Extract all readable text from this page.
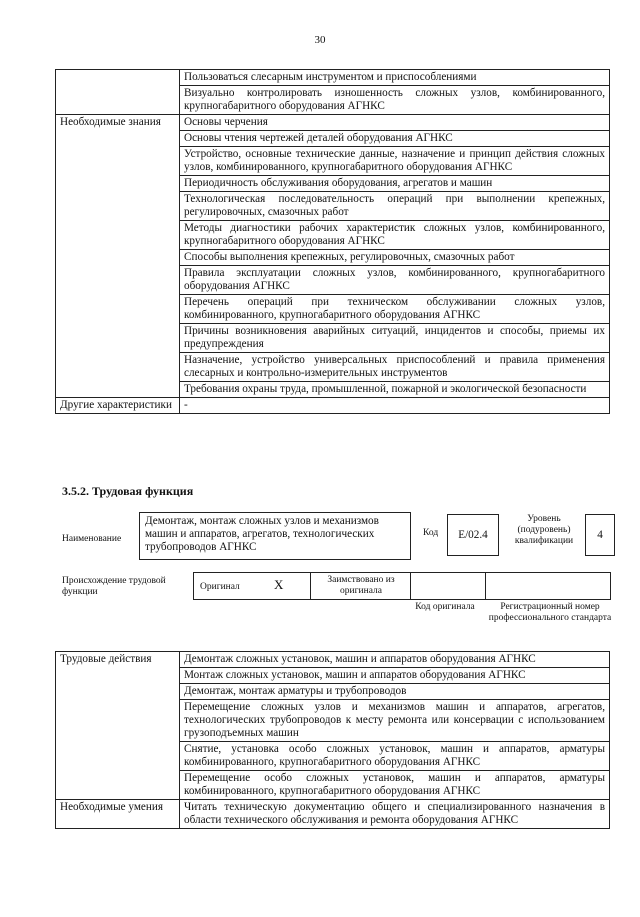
30
	Пользоваться слесарным инструментом и приспособлениями
	Визуально контролировать изношенность сложных узлов, комбинированного, крупногабаритного оборудования АГНКС
Необходимые знания	Основы черчения
	Основы чтения чертежей деталей оборудования АГНКС
	Устройство, основные технические данные, назначение и принцип действия сложных узлов, комбинированного, крупногабаритного оборудования АГНКС
	Периодичность обслуживания оборудования, агрегатов и машин
	Технологическая последовательность операций при выполнении крепежных, регулировочных, смазочных работ
	Методы диагностики рабочих характеристик сложных узлов, комбинированного, крупногабаритного оборудования АГНКС
	Способы выполнения крепежных, регулировочных, смазочных работ
	Правила эксплуатации сложных узлов, комбинированного, крупногабаритного оборудования АГНКС
	Перечень операций при техническом обслуживании сложных узлов, комбинированного, крупногабаритного оборудования АГНКС
	Причины возникновения аварийных ситуаций, инцидентов и способы, приемы их предупреждения
	Назначение, устройство универсальных приспособлений и правила применения слесарных и контрольно-измерительных инструментов
	Требования охраны труда, промышленной, пожарной и экологической безопасности
Другие характеристики	-
3.5.2. Трудовая функция
Наименование
Демонтаж, монтаж сложных узлов и механизмов машин и аппаратов, агрегатов, технологических трубопроводов АГНКС
Код	E/02.4
Уровень (подуровень) квалификации	4
Происхождение трудовой функции	Оригинал	X	Заимствовано из оригинала
Код оригинала	Регистрационный номер профессионального стандарта
Трудовые действия	Демонтаж сложных установок, машин и аппаратов оборудования АГНКС
	Монтаж сложных установок, машин и аппаратов оборудования АГНКС
	Демонтаж, монтаж арматуры и трубопроводов
	Перемещение сложных узлов и механизмов машин и аппаратов, агрегатов, технологических трубопроводов к месту ремонта или консервации с использованием грузоподъемных машин
	Снятие, установка особо сложных установок, машин и аппаратов, арматуры комбинированного, крупногабаритного оборудования АГНКС
	Перемещение особо сложных установок, машин и аппаратов, арматуры комбинированного, крупногабаритного оборудования АГНКС
Необходимые умения	Читать техническую документацию общего и специализированного назначения в области технического обслуживания и ремонта оборудования АГНКС
